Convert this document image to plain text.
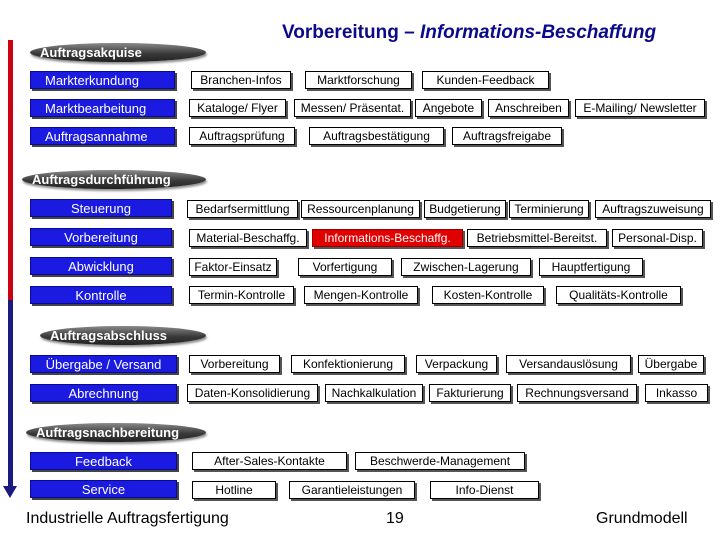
Vorbereitung – Informations-Beschaffung
Auftragsakquise
Markterkundung	Branchen-Infos	Marktforschung	Kunden-Feedback
Marktbearbeitung	Kataloge/ Flyer	Messen/ Präsentat.	Angebote	Anschreiben	E-Mailing/ Newsletter
Auftragsannahme	Auftragsprüfung	Auftragsbestätigung	Auftragsfreigabe
Auftragsdurchführung
Steuerung	Bedarfsermittlung	Ressourcenplanung	Budgetierung	Terminierung	Auftragszuweisung
Vorbereitung	Material-Beschaffg.	Informations-Beschaffg.	Betriebsmittel-Bereitst.	Personal-Disp.
Abwicklung	Faktor-Einsatz	Vorfertigung	Zwischen-Lagerung	Hauptfertigung
Kontrolle	Termin-Kontrolle	Mengen-Kontrolle	Kosten-Kontrolle	Qualitäts-Kontrolle
Auftragsabschluss
Übergabe / Versand	Vorbereitung	Konfektionierung	Verpackung	Versandauslösung	Übergabe
Abrechnung	Daten-Konsolidierung	Nachkalkulation	Fakturierung	Rechnungsversand	Inkasso
Auftragsnachbereitung
Feedback	After-Sales-Kontakte	Beschwerde-Management
Service	Hotline	Garantieleistungen	Info-Dienst
Industrielle Auftragsfertigung	19	Grundmodell
